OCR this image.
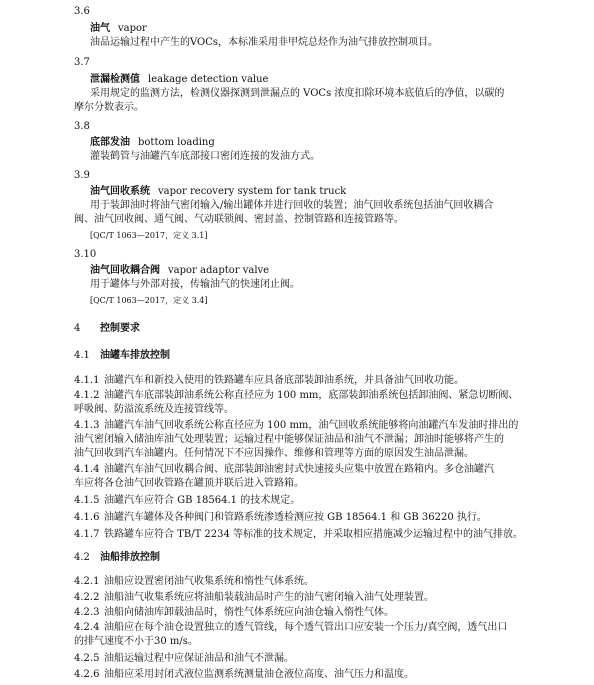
3.6
油气 vapor
油品运输过程中产生的VOCs，本标准采用非甲烷总烃作为油气排放控制项目。
3.7
泄漏检测值 leakage detection value
采用规定的监测方法，检测仪器探测到泄漏点的 VOCs 浓度扣除环境本底值后的净值，以碳的
摩尔分数表示。
3.8
底部发油 bottom loading
灌装鹤管与油罐汽车底部接口密闭连接的发油方式。
3.9
油气回收系统 vapor recovery system for tank truck
用于装卸油时将油气密闭输入/输出罐体并进行回收的装置；油气回收系统包括油气回收耦合
阀、油气回收阀、通气阀、气动联锁阀、密封盖、控制管路和连接管路等。
[QC/T 1063—2017，定义 3.1]
3.10
油气回收耦合阀 vapor adaptor valve
用于罐体与外部对接，传输油气的快速闭止阀。
[QC/T 1063—2017，定义 3.4]
4 控制要求
4.1 油罐车排放控制
4.1.1 油罐汽车和新投入使用的铁路罐车应具备底部装卸油系统，并具备油气回收功能。
4.1.2 油罐汽车底部装卸油系统公称直径应为 100 mm，底部装卸油系统包括卸油阀、紧急切断阀、
呼吸阀、防溢流系统及连接管线等。
4.1.3 油罐汽车油气回收系统公称直径应为 100 mm，油气回收系统能够将向油罐汽车发油时排出的
油气密闭输入储油库油气处理装置；运输过程中能够保证油品和油气不泄漏；卸油时能够将产生的
油气回收到汽车油罐内。任何情况下不应因操作、维修和管理等方面的原因发生油品泄漏。
4.1.4 油罐汽车油气回收耦合阀、底部装卸油密封式快速接头应集中放置在路箱内。多仓油罐汽
车应将各仓油气回收管路在罐顶并联后进入管路箱。
4.1.5 油罐汽车应符合 GB 18564.1 的技术规定。
4.1.6 油罐汽车罐体及各种阀门和管路系统渗透检测应按 GB 18564.1 和 GB 36220 执行。
4.1.7 铁路罐车应符合 TB/T 2234 等标准的技术规定，并采取相应措施减少运输过程中的油气排放。
4.2 油船排放控制
4.2.1 油船应设置密闭油气收集系统和惰性气体系统。
4.2.2 油船油气收集系统应将油船装载油品时产生的油气密闭输入油气处理装置。
4.2.3 油船向储油库卸载油品时，惰性气体系统应向油仓输入惰性气体。
4.2.4 油船应在每个油仓设置独立的透气管线，每个透气管出口应安装一个压力/真空阀，透气出口
的排气速度不小于30 m/s。
4.2.5 油船运输过程中应保证油品和油气不泄漏。
4.2.6 油船应采用封闭式液位监测系统测量油仓液位高度、油气压力和温度。
